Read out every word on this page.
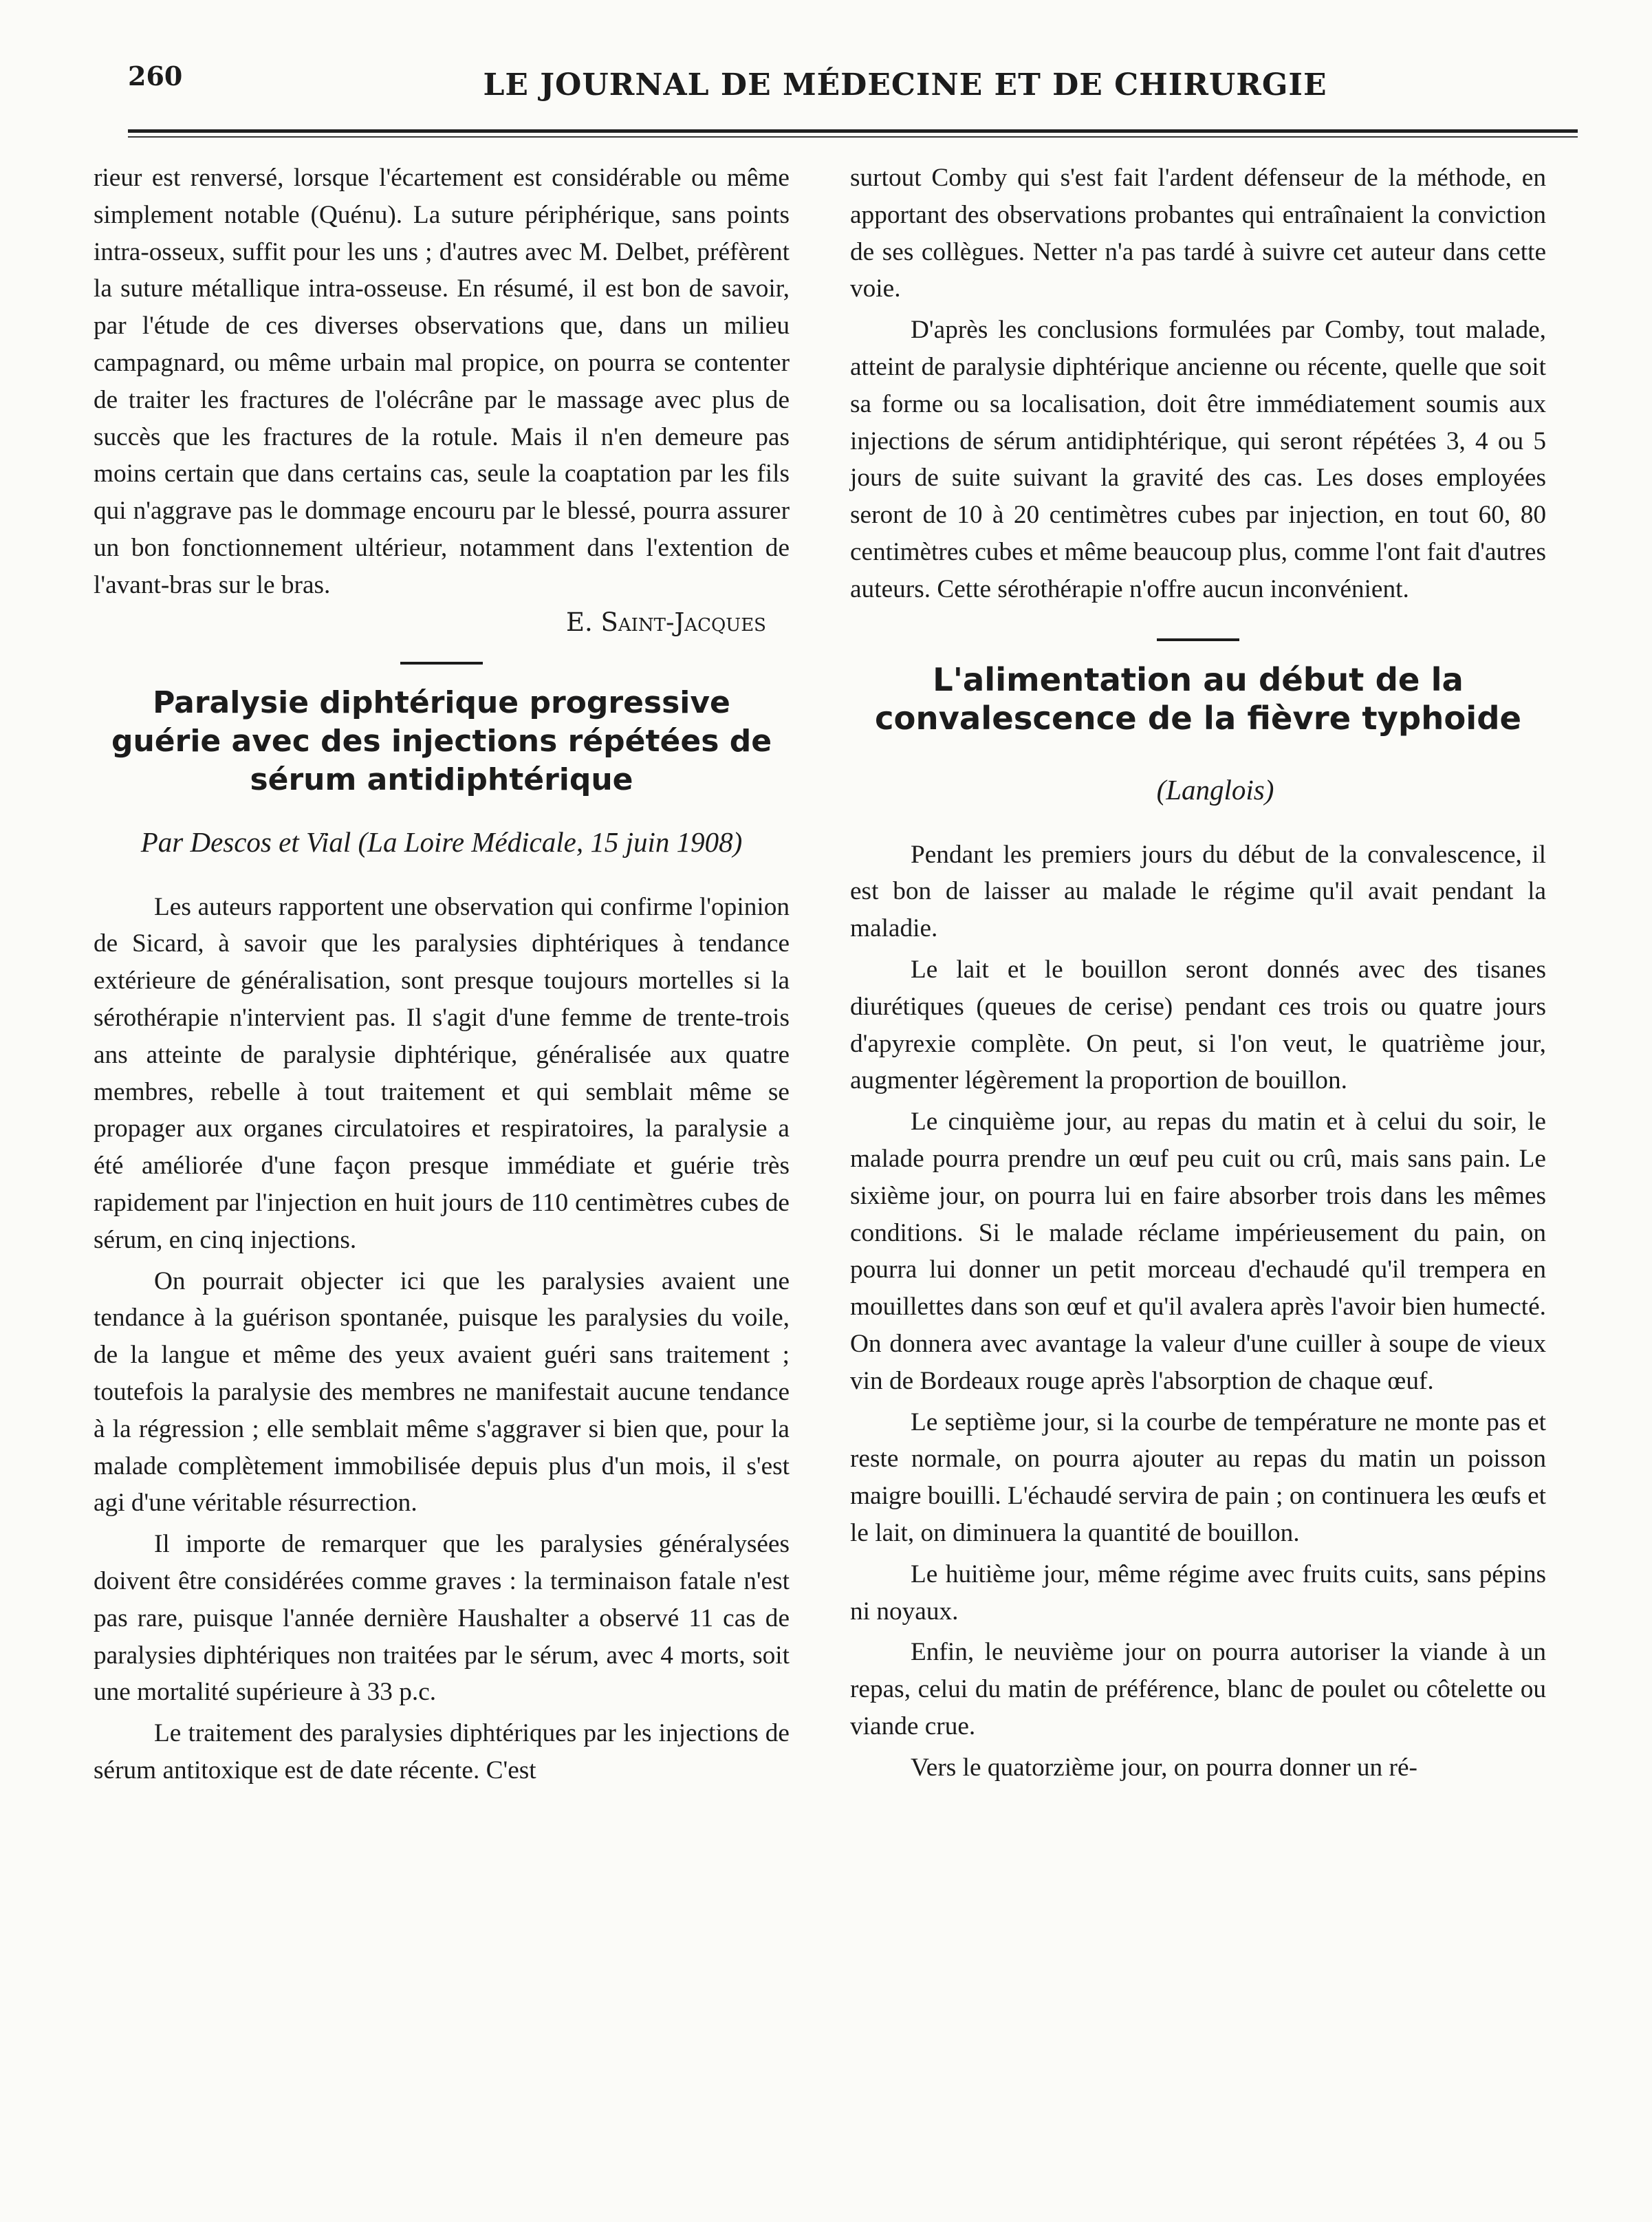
260	LE JOURNAL DE MÉDECINE ET DE CHIRURGIE

rieur est renversé, lorsque l'écartement est considérable ou même simplement notable (Quénu). La suture périphérique, sans points intra-osseux, suffit pour les uns ; d'autres avec M. Delbet, préfèrent la suture métallique intra-osseuse. En résumé, il est bon de savoir, par l'étude de ces diverses observations que, dans un milieu campagnard, ou même urbain mal propice, on pourra se contenter de traiter les fractures de l'olécrâne par le massage avec plus de succès que les fractures de la rotule. Mais il n'en demeure pas moins certain que dans certains cas, seule la coaptation par les fils qui n'aggrave pas le dommage encouru par le blessé, pourra assurer un bon fonctionnement ultérieur, notamment dans l'extention de l'avant-bras sur le bras.

E. Saint-Jacques

Paralysie diphtérique progressive guérie avec des injections répétées de sérum antidiphtérique

Par Descos et Vial (La Loire Médicale, 15 juin 1908)

Les auteurs rapportent une observation qui confirme l'opinion de Sicard, à savoir que les paralysies diphtériques à tendance extérieure de généralisation, sont presque toujours mortelles si la sérothérapie n'intervient pas. Il s'agit d'une femme de trente-trois ans atteinte de paralysie diphtérique, généralisée aux quatre membres, rebelle à tout traitement et qui semblait même se propager aux organes circulatoires et respiratoires, la paralysie a été améliorée d'une façon presque immédiate et guérie très rapidement par l'injection en huit jours de 110 centimètres cubes de sérum, en cinq injections.

On pourrait objecter ici que les paralysies avaient une tendance à la guérison spontanée, puisque les paralysies du voile, de la langue et même des yeux avaient guéri sans traitement ; toutefois la paralysie des membres ne manifestait aucune tendance à la régression ; elle semblait même s'aggraver si bien que, pour la malade complètement immobilisée depuis plus d'un mois, il s'est agi d'une véritable résurrection.

Il importe de remarquer que les paralysies généralysées doivent être considérées comme graves : la terminaison fatale n'est pas rare, puisque l'année dernière Haushalter a observé 11 cas de paralysies diphtériques non traitées par le sérum, avec 4 morts, soit une mortalité supérieure à 33 p.c.

Le traitement des paralysies diphtériques par les injections de sérum antitoxique est de date récente. C'est

surtout Comby qui s'est fait l'ardent défenseur de la méthode, en apportant des observations probantes qui entraînaient la conviction de ses collègues. Netter n'a pas tardé à suivre cet auteur dans cette voie.

D'après les conclusions formulées par Comby, tout malade, atteint de paralysie diphtérique ancienne ou récente, quelle que soit sa forme ou sa localisation, doit être immédiatement soumis aux injections de sérum antidiphtérique, qui seront répétées 3, 4 ou 5 jours de suite suivant la gravité des cas. Les doses employées seront de 10 à 20 centimètres cubes par injection, en tout 60, 80 centimètres cubes et même beaucoup plus, comme l'ont fait d'autres auteurs. Cette sérothérapie n'offre aucun inconvénient.

L'alimentation au début de la convalescence de la fièvre typhoide

(Langlois)

Pendant les premiers jours du début de la convalescence, il est bon de laisser au malade le régime qu'il avait pendant la maladie.

Le lait et le bouillon seront donnés avec des tisanes diurétiques (queues de cerise) pendant ces trois ou quatre jours d'apyrexie complète. On peut, si l'on veut, le quatrième jour, augmenter légèrement la proportion de bouillon.

Le cinquième jour, au repas du matin et à celui du soir, le malade pourra prendre un œuf peu cuit ou crû, mais sans pain. Le sixième jour, on pourra lui en faire absorber trois dans les mêmes conditions. Si le malade réclame impérieusement du pain, on pourra lui donner un petit morceau d'echaudé qu'il trempera en mouillettes dans son œuf et qu'il avalera après l'avoir bien humecté. On donnera avec avantage la valeur d'une cuiller à soupe de vieux vin de Bordeaux rouge après l'absorption de chaque œuf.

Le septième jour, si la courbe de température ne monte pas et reste normale, on pourra ajouter au repas du matin un poisson maigre bouilli. L'échaudé servira de pain ; on continuera les œufs et le lait, on diminuera la quantité de bouillon.

Le huitième jour, même régime avec fruits cuits, sans pépins ni noyaux.

Enfin, le neuvième jour on pourra autoriser la viande à un repas, celui du matin de préférence, blanc de poulet ou côtelette ou viande crue.

Vers le quatorzième jour, on pourra donner un ré-
